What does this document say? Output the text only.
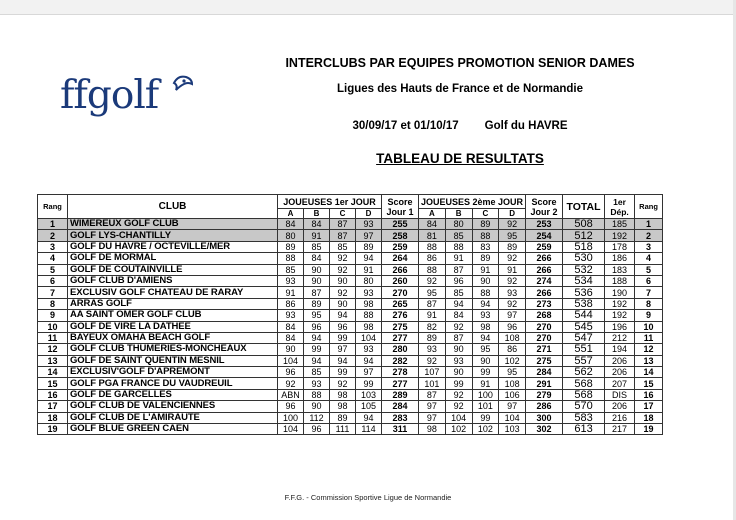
ffgolf
INTERCLUBS PAR EQUIPES PROMOTION SENIOR DAMES
Ligues des Hauts de France et de Normandie
30/09/17 et 01/10/17 Golf du HAVRE
TABLEAU DE RESULTATS
Rang	CLUB	JOUEUSES 1er JOUR				Score Jour 1	JOUEUSES 2ème JOUR				Score Jour 2	TOTAL	1er Dép.	Rang
		A	B	C	D		A	B	C	D				
1	WIMEREUX GOLF CLUB	84	84	87	93	255	84	80	89	92	253	508	185	1
2	GOLF LYS-CHANTILLY	80	91	87	97	258	81	85	88	95	254	512	192	2
3	GOLF DU HAVRE / OCTEVILLE/MER	89	85	85	89	259	88	88	83	89	259	518	178	3
4	GOLF DE MORMAL	88	84	92	94	264	86	91	89	92	266	530	186	4
5	GOLF DE COUTAINVILLE	85	90	92	91	266	88	87	91	91	266	532	183	5
6	GOLF CLUB D'AMIENS	93	90	90	80	260	92	96	90	92	274	534	188	6
7	EXCLUSIV GOLF CHATEAU DE RARAY	91	87	92	93	270	95	85	88	93	266	536	190	7
8	ARRAS GOLF	86	89	90	98	265	87	94	94	92	273	538	192	8
9	AA SAINT OMER GOLF CLUB	93	95	94	88	276	91	84	93	97	268	544	192	9
10	GOLF DE VIRE LA DATHEE	84	96	96	98	275	82	92	98	96	270	545	196	10
11	BAYEUX OMAHA BEACH GOLF	84	94	99	104	277	89	87	94	108	270	547	212	11
12	GOLF CLUB THUMERIES-MONCHEAUX	90	99	97	93	280	93	90	95	86	271	551	194	12
13	GOLF DE SAINT QUENTIN MESNIL	104	94	94	94	282	92	93	90	102	275	557	206	13
14	EXCLUSIV'GOLF D'APREMONT	96	85	99	97	278	107	90	99	95	284	562	206	14
15	GOLF PGA FRANCE DU VAUDREUIL	92	93	92	99	277	101	99	91	108	291	568	207	15
16	GOLF DE GARCELLES	ABN	88	98	103	289	87	92	100	106	279	568	DIS	16
17	GOLF CLUB DE VALENCIENNES	96	90	98	105	284	97	92	101	97	286	570	206	17
18	GOLF CLUB DE L'AMIRAUTE	100	112	89	94	283	97	104	99	104	300	583	216	18
19	GOLF BLUE GREEN CAEN	104	96	111	114	311	98	102	102	103	302	613	217	19
F.F.G. - Commission Sportive Ligue de Normandie
